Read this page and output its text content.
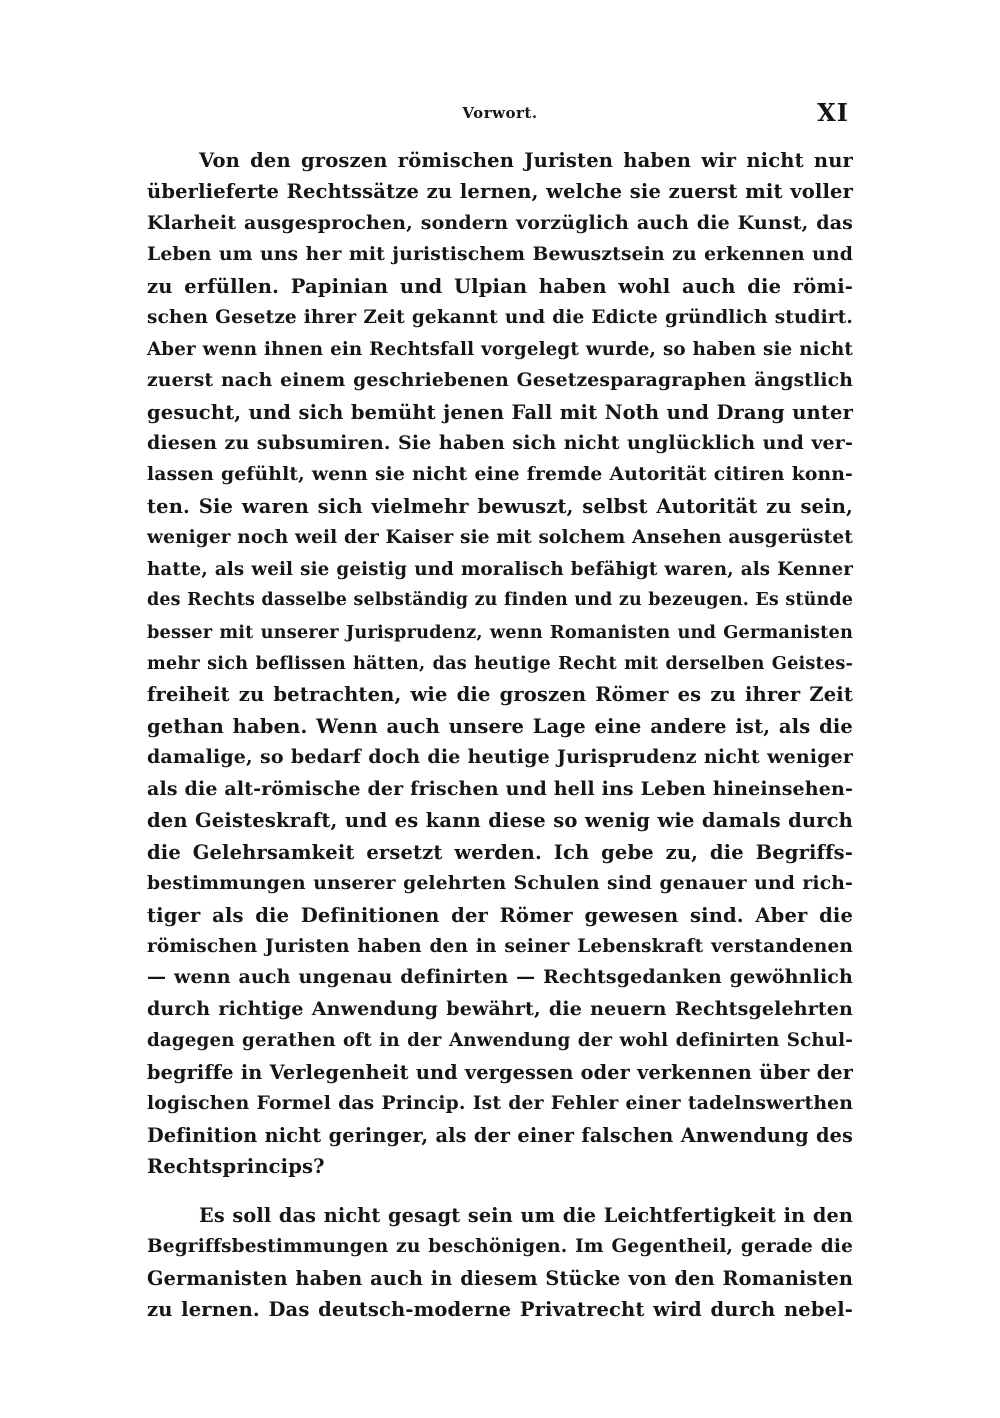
Vorwort.	XI
Von den groszen römischen Juristen haben wir nicht nur
überlieferte Rechtssätze zu lernen, welche sie zuerst mit voller
Klarheit ausgesprochen, sondern vorzüglich auch die Kunst, das
Leben um uns her mit juristischem Bewusztsein zu erkennen und
zu erfüllen. Papinian und Ulpian haben wohl auch die römi-
schen Gesetze ihrer Zeit gekannt und die Edicte gründlich studirt.
Aber wenn ihnen ein Rechtsfall vorgelegt wurde, so haben sie nicht
zuerst nach einem geschriebenen Gesetzesparagraphen ängstlich
gesucht, und sich bemüht jenen Fall mit Noth und Drang unter
diesen zu subsumiren. Sie haben sich nicht unglücklich und ver-
lassen gefühlt, wenn sie nicht eine fremde Autorität citiren konn-
ten. Sie waren sich vielmehr bewuszt, selbst Autorität zu sein,
weniger noch weil der Kaiser sie mit solchem Ansehen ausgerüstet
hatte, als weil sie geistig und moralisch befähigt waren, als Kenner
des Rechts dasselbe selbständig zu finden und zu bezeugen. Es stünde
besser mit unserer Jurisprudenz, wenn Romanisten und Germanisten
mehr sich beflissen hätten, das heutige Recht mit derselben Geistes-
freiheit zu betrachten, wie die groszen Römer es zu ihrer Zeit
gethan haben. Wenn auch unsere Lage eine andere ist, als die
damalige, so bedarf doch die heutige Jurisprudenz nicht weniger
als die alt-römische der frischen und hell ins Leben hineinsehen-
den Geisteskraft, und es kann diese so wenig wie damals durch
die Gelehrsamkeit ersetzt werden. Ich gebe zu, die Begriffs-
bestimmungen unserer gelehrten Schulen sind genauer und rich-
tiger als die Definitionen der Römer gewesen sind. Aber die
römischen Juristen haben den in seiner Lebenskraft verstandenen
— wenn auch ungenau definirten — Rechtsgedanken gewöhnlich
durch richtige Anwendung bewährt, die neuern Rechtsgelehrten
dagegen gerathen oft in der Anwendung der wohl definirten Schul-
begriffe in Verlegenheit und vergessen oder verkennen über der
logischen Formel das Princip. Ist der Fehler einer tadelnswerthen
Definition nicht geringer, als der einer falschen Anwendung des
Rechtsprincips?
Es soll das nicht gesagt sein um die Leichtfertigkeit in den
Begriffsbestimmungen zu beschönigen. Im Gegentheil, gerade die
Germanisten haben auch in diesem Stücke von den Romanisten
zu lernen. Das deutsch-moderne Privatrecht wird durch nebel-
